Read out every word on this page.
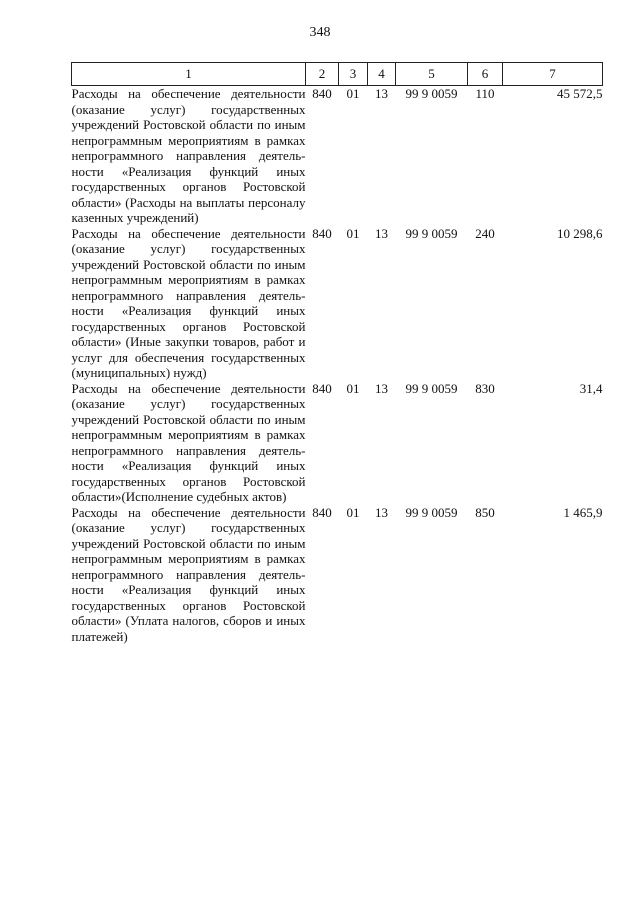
348
1	2	3	4	5	6	7
Расходы на обеспечение деятельности (оказание услуг) государственных учреждений Ростовской области по иным непрограммным мероприятиям в рамках непрограммного направления деятельности «Реализация функций иных государственных органов Ростовской области» (Расходы на выплаты персоналу казенных учреждений)	840	01	13	99 9 0059	110	45 572,5
Расходы на обеспечение деятельности (оказание услуг) государственных учреждений Ростовской области по иным непрограммным мероприятиям в рамках непрограммного направления деятельности «Реализация функций иных государственных органов Ростовской области» (Иные закупки товаров, работ и услуг для обеспечения государственных (муниципальных) нужд)	840	01	13	99 9 0059	240	10 298,6
Расходы на обеспечение деятельности (оказание услуг) государственных учреждений Ростовской области по иным непрограммным мероприятиям в рамках непрограммного направления деятельности «Реализация функций иных государственных органов Ростовской области»(Исполнение судебных актов)	840	01	13	99 9 0059	830	31,4
Расходы на обеспечение деятельности (оказание услуг) государственных учреждений Ростовской области по иным непрограммным мероприятиям в рамках непрограммного направления деятельности «Реализация функций иных государственных органов Ростовской области» (Уплата налогов, сборов и иных платежей)	840	01	13	99 9 0059	850	1 465,9
